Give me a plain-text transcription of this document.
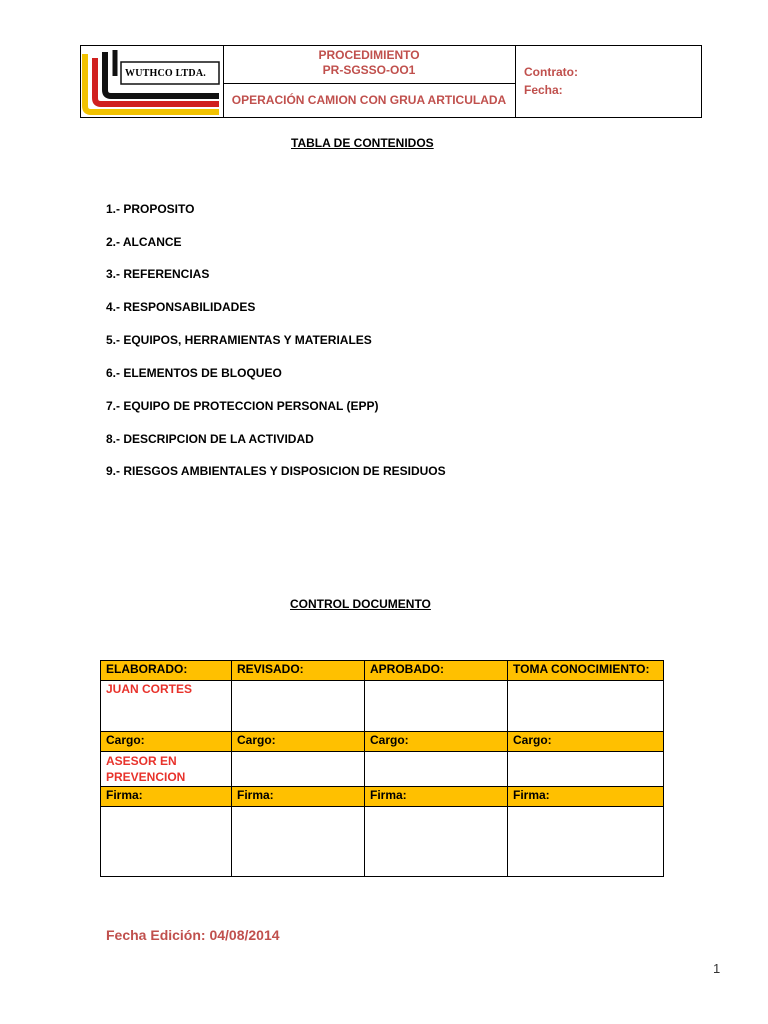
WUTHCO LTDA.
PROCEDIMIENTO
PR-SGSSO-OO1
OPERACIÓN CAMION CON GRUA ARTICULADA
Contrato:
Fecha:
TABLA DE CONTENIDOS
1.- PROPOSITO
2.- ALCANCE
3.- REFERENCIAS
4.- RESPONSABILIDADES
5.- EQUIPOS, HERRAMIENTAS Y MATERIALES
6.- ELEMENTOS DE BLOQUEO
7.- EQUIPO DE PROTECCION PERSONAL (EPP)
8.- DESCRIPCION DE LA ACTIVIDAD
9.- RIESGOS AMBIENTALES Y DISPOSICION DE RESIDUOS
CONTROL DOCUMENTO
ELABORADO:	REVISADO:	APROBADO:	TOMA CONOCIMIENTO:
JUAN CORTES			
Cargo:	Cargo:	Cargo:	Cargo:
ASESOR EN PREVENCION			
Firma:	Firma:	Firma:	Firma:

Fecha Edición: 04/08/2014
1
